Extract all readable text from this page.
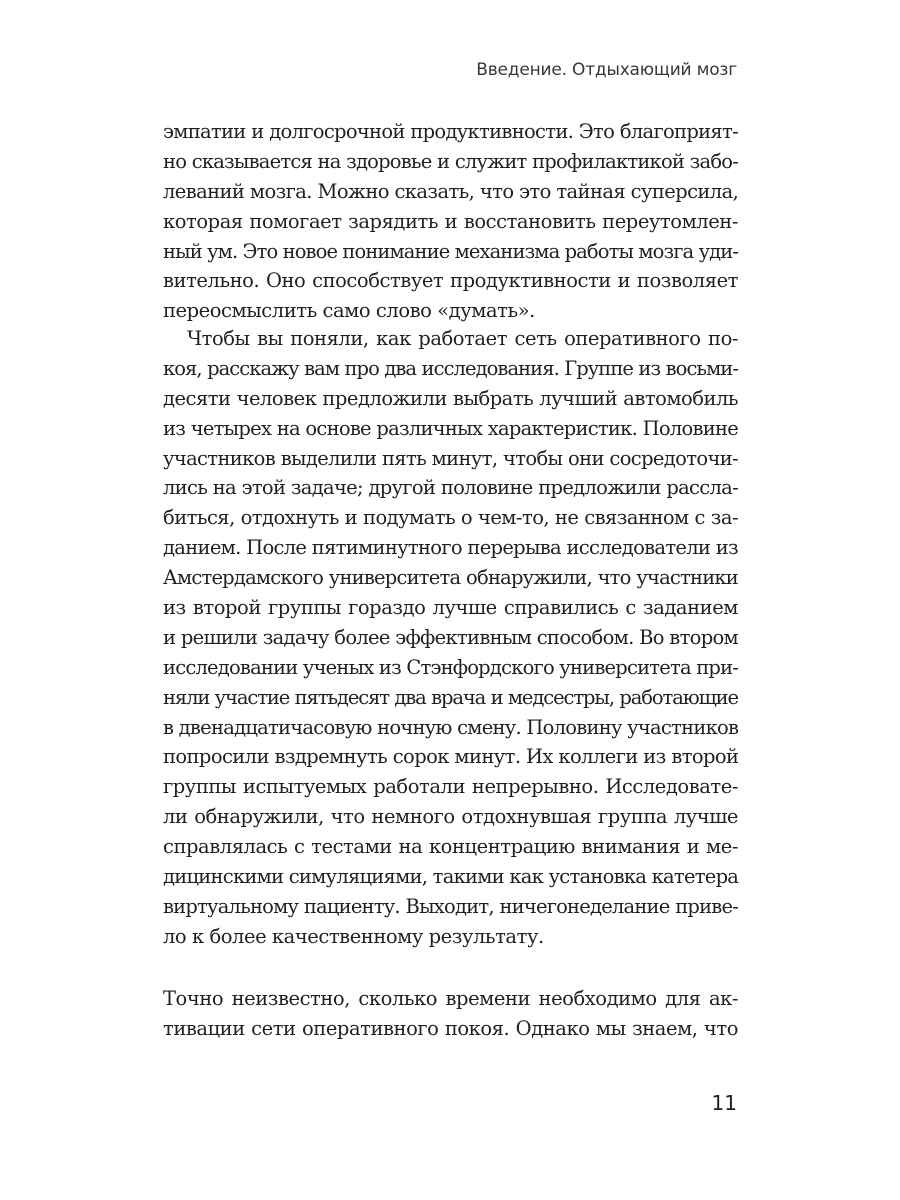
Введение. Отдыхающий мозг
эмпатии и долгосрочной продуктивности. Это благоприят-
но сказывается на здоровье и служит профилактикой забо-
леваний мозга. Можно сказать, что это тайная суперсила,
которая помогает зарядить и восстановить переутомлен-
ный ум. Это новое понимание механизма работы мозга уди-
вительно. Оно способствует продуктивности и позволяет
переосмыслить само слово «думать».
Чтобы вы поняли, как работает сеть оперативного по-
коя, расскажу вам про два исследования. Группе из восьми-
десяти человек предложили выбрать лучший автомобиль
из четырех на основе различных характеристик. Половине
участников выделили пять минут, чтобы они сосредоточи-
лись на этой задаче; другой половине предложили рассла-
биться, отдохнуть и подумать о чем-то, не связанном с за-
данием. После пятиминутного перерыва исследователи из
Амстердамского университета обнаружили, что участники
из второй группы гораздо лучше справились с заданием
и решили задачу более эффективным способом. Во втором
исследовании ученых из Стэнфордского университета при-
няли участие пятьдесят два врача и медсестры, работающие
в двенадцатичасовую ночную смену. Половину участников
попросили вздремнуть сорок минут. Их коллеги из второй
группы испытуемых работали непрерывно. Исследовате-
ли обнаружили, что немного отдохнувшая группа лучше
справлялась с тестами на концентрацию внимания и ме-
дицинскими симуляциями, такими как установка катетера
виртуальному пациенту. Выходит, ничегонеделание приве-
ло к более качественному результату.
Точно неизвестно, сколько времени необходимо для ак-
тивации сети оперативного покоя. Однако мы знаем, что
11
